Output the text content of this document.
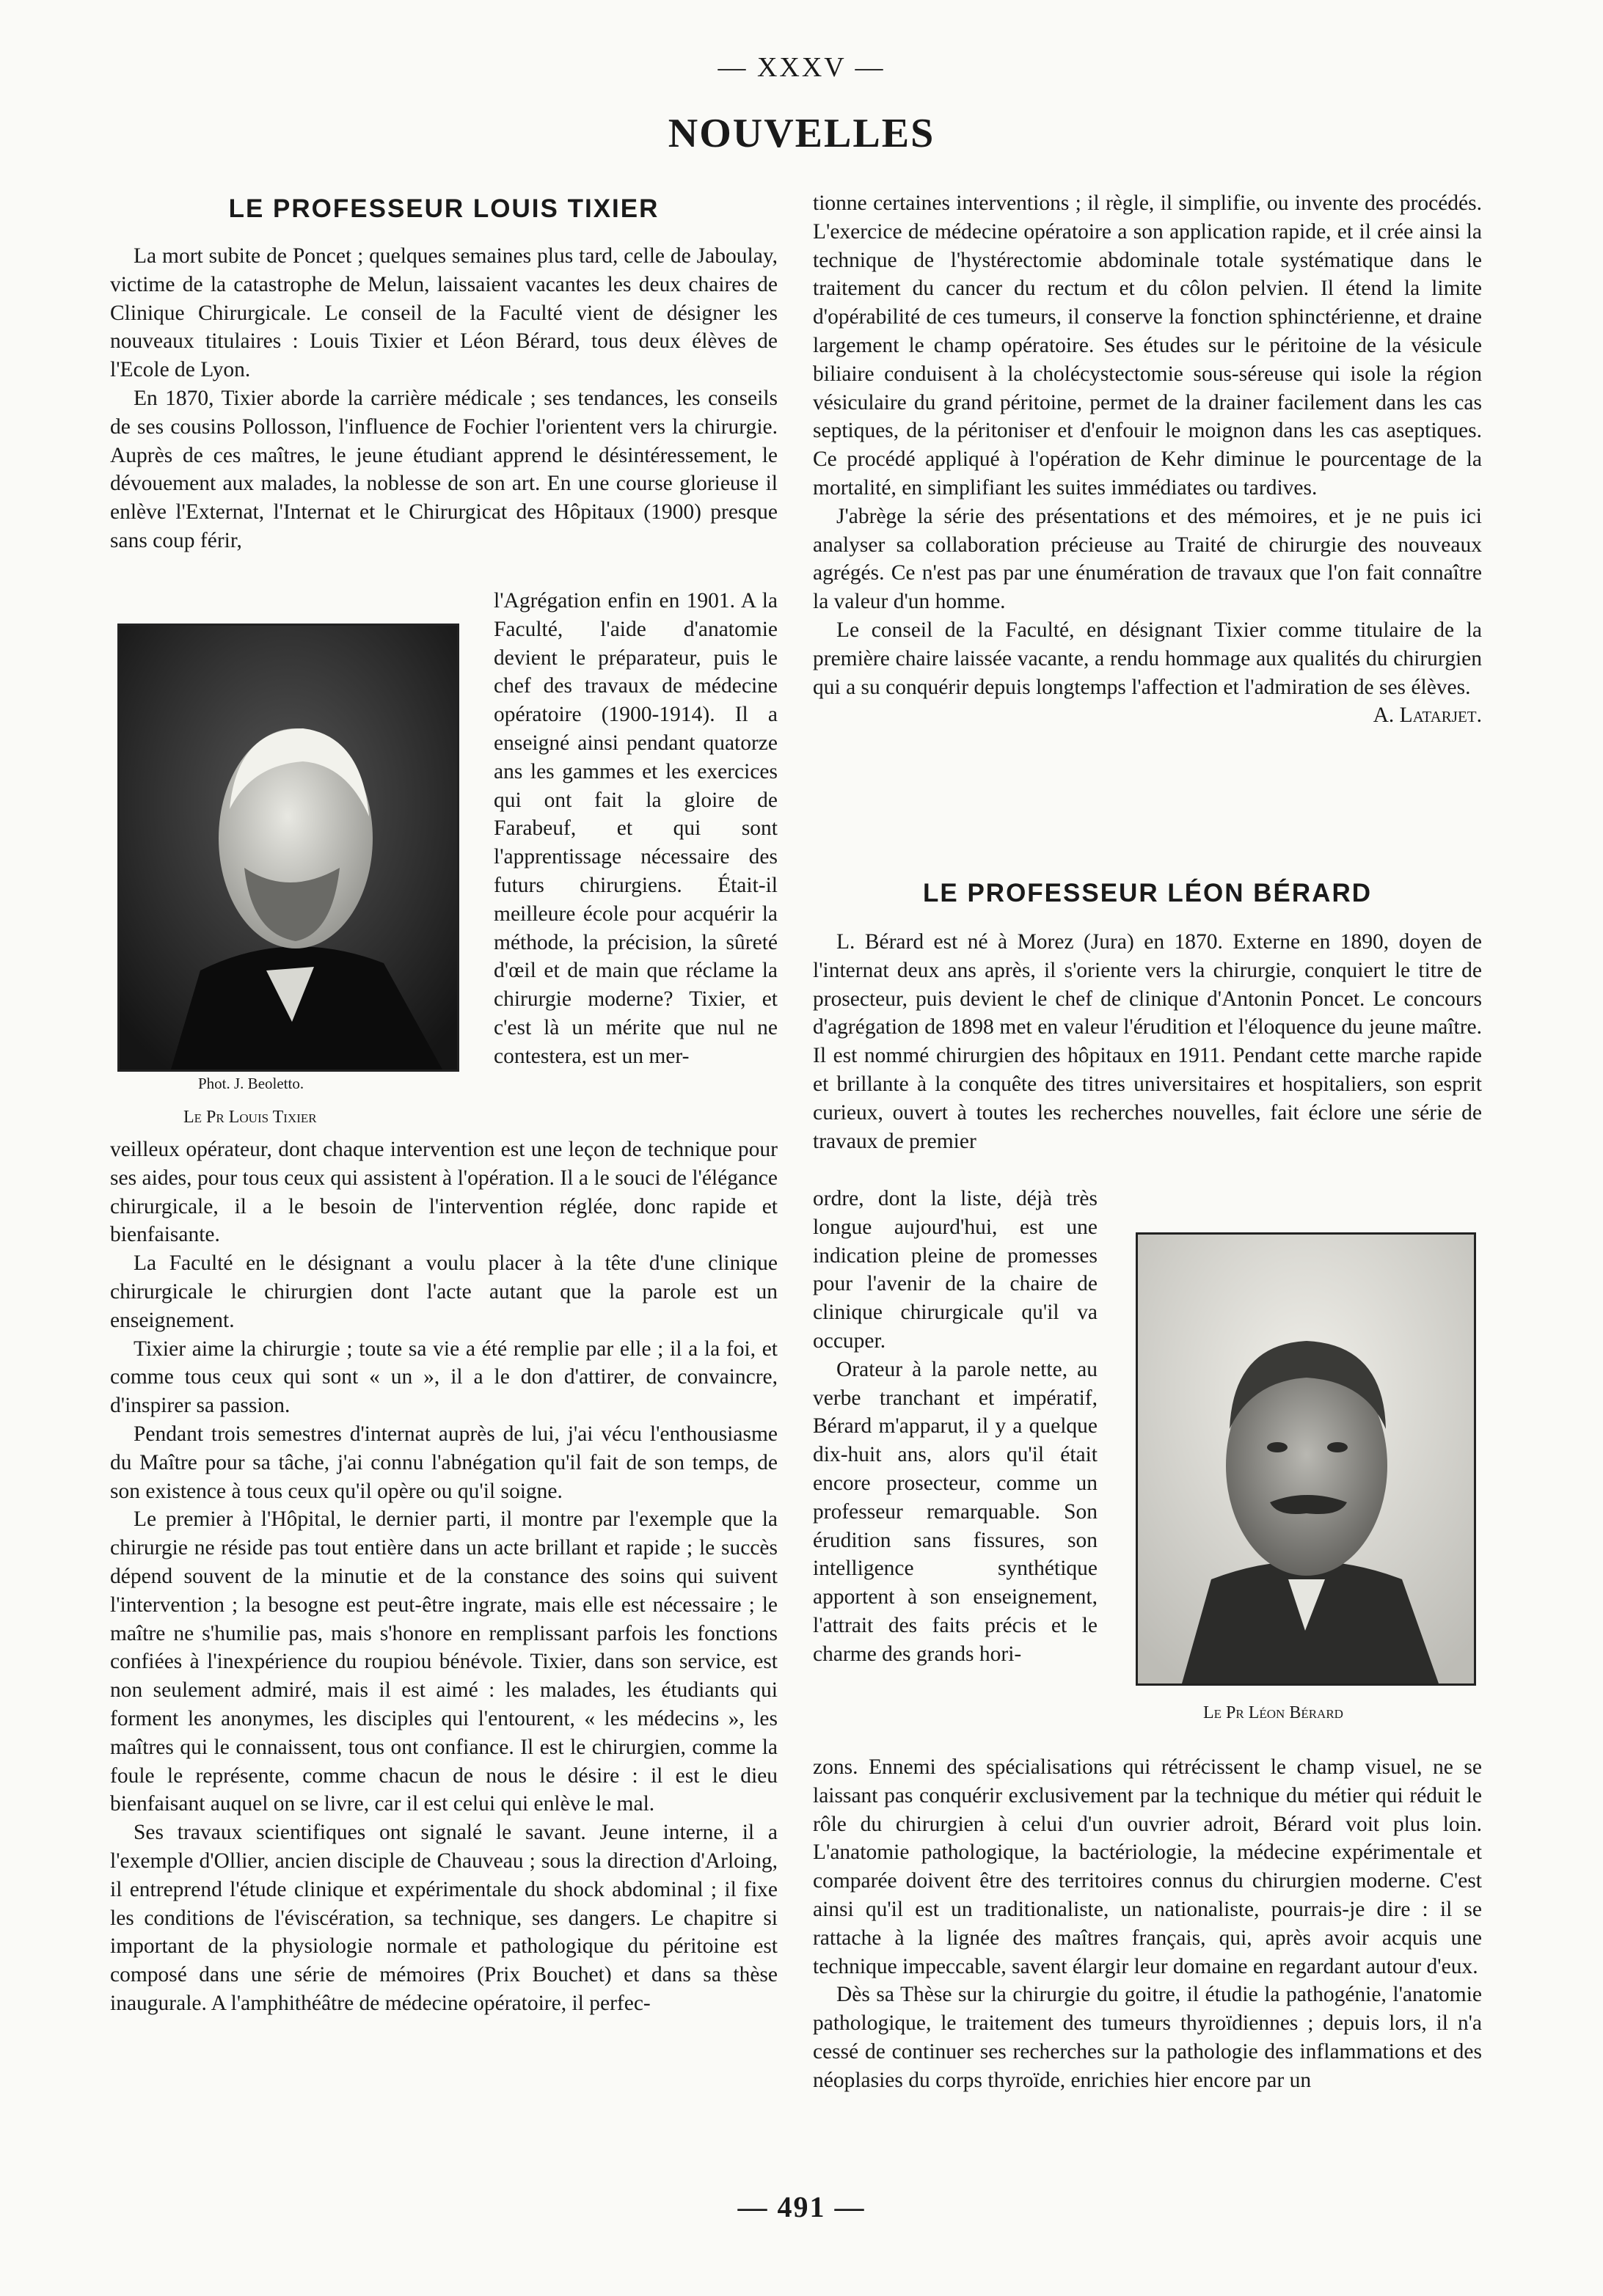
— XXXV —
NOUVELLES
LE PROFESSEUR LOUIS TIXIER

La mort subite de Poncet ; quelques semaines plus tard, celle de Jaboulay, victime de la catastrophe de Melun, laissaient vacantes les deux chaires de Clinique Chirurgicale. Le conseil de la Faculté vient de désigner les nouveaux titulaires : Louis Tixier et Léon Bérard, tous deux élèves de l'Ecole de Lyon.

En 1870, Tixier aborde la carrière médicale ; ses tendances, les conseils de ses cousins Pollosson, l'influence de Fochier l'orientent vers la chirurgie. Auprès de ces maîtres, le jeune étudiant apprend le désintéressement, le dévouement aux malades, la noblesse de son art. En une course glorieuse il enlève l'Externat, l'Internat et le Chirurgicat des Hôpitaux (1900) presque sans coup férir,

Phot. J. Beoletto.
Le Pr Louis Tixier

l'Agrégation enfin en 1901. A la Faculté, l'aide d'anatomie devient le préparateur, puis le chef des travaux de médecine opératoire (1900-1914). Il a enseigné ainsi pendant quatorze ans les gammes et les exercices qui ont fait la gloire de Farabeuf, et qui sont l'apprentissage nécessaire des futurs chirurgiens. Était-il meilleure école pour acquérir la méthode, la précision, la sûreté d'œil et de main que réclame la chirurgie moderne? Tixier, et c'est là un mérite que nul ne contestera, est un mer-

veilleux opérateur, dont chaque intervention est une leçon de technique pour ses aides, pour tous ceux qui assistent à l'opération. Il a le souci de l'élégance chirurgicale, il a le besoin de l'intervention réglée, donc rapide et bienfaisante.

La Faculté en le désignant a voulu placer à la tête d'une clinique chirurgicale le chirurgien dont l'acte autant que la parole est un enseignement.

Tixier aime la chirurgie ; toute sa vie a été remplie par elle ; il a la foi, et comme tous ceux qui sont « un », il a le don d'attirer, de convaincre, d'inspirer sa passion.

Pendant trois semestres d'internat auprès de lui, j'ai vécu l'enthousiasme du Maître pour sa tâche, j'ai connu l'abnégation qu'il fait de son temps, de son existence à tous ceux qu'il opère ou qu'il soigne.

Le premier à l'Hôpital, le dernier parti, il montre par l'exemple que la chirurgie ne réside pas tout entière dans un acte brillant et rapide ; le succès dépend souvent de la minutie et de la constance des soins qui suivent l'intervention ; la besogne est peut-être ingrate, mais elle est nécessaire ; le maître ne s'humilie pas, mais s'honore en remplissant parfois les fonctions confiées à l'inexpérience du roupiou bénévole. Tixier, dans son service, est non seulement admiré, mais il est aimé : les malades, les étudiants qui forment les anonymes, les disciples qui l'entourent, « les médecins », les maîtres qui le connaissent, tous ont confiance. Il est le chirurgien, comme la foule le représente, comme chacun de nous le désire : il est le dieu bienfaisant auquel on se livre, car il est celui qui enlève le mal.

Ses travaux scientifiques ont signalé le savant. Jeune interne, il a l'exemple d'Ollier, ancien disciple de Chauveau ; sous la direction d'Arloing, il entreprend l'étude clinique et expérimentale du shock abdominal ; il fixe les conditions de l'éviscération, sa technique, ses dangers. Le chapitre si important de la physiologie normale et pathologique du péritoine est composé dans une série de mémoires (Prix Bouchet) et dans sa thèse inaugurale. A l'amphithéâtre de médecine opératoire, il perfec-

tionne certaines interventions ; il règle, il simplifie, ou invente des procédés. L'exercice de médecine opératoire a son application rapide, et il crée ainsi la technique de l'hystérectomie abdominale totale systématique dans le traitement du cancer du rectum et du côlon pelvien. Il étend la limite d'opérabilité de ces tumeurs, il conserve la fonction sphinctérienne, et draine largement le champ opératoire. Ses études sur le péritoine de la vésicule biliaire conduisent à la cholécystectomie sous-séreuse qui isole la région vésiculaire du grand péritoine, permet de la drainer facilement dans les cas septiques, de la péritoniser et d'enfouir le moignon dans les cas aseptiques. Ce procédé appliqué à l'opération de Kehr diminue le pourcentage de la mortalité, en simplifiant les suites immédiates ou tardives.

J'abrège la série des présentations et des mémoires, et je ne puis ici analyser sa collaboration précieuse au Traité de chirurgie des nouveaux agrégés. Ce n'est pas par une énumération de travaux que l'on fait connaître la valeur d'un homme.

Le conseil de la Faculté, en désignant Tixier comme titulaire de la première chaire laissée vacante, a rendu hommage aux qualités du chirurgien qui a su conquérir depuis longtemps l'affection et l'admiration de ses élèves.

A. Latarjet.

LE PROFESSEUR LÉON BÉRARD

L. Bérard est né à Morez (Jura) en 1870. Externe en 1890, doyen de l'internat deux ans après, il s'oriente vers la chirurgie, conquiert le titre de prosecteur, puis devient le chef de clinique d'Antonin Poncet. Le concours d'agrégation de 1898 met en valeur l'érudition et l'éloquence du jeune maître. Il est nommé chirurgien des hôpitaux en 1911. Pendant cette marche rapide et brillante à la conquête des titres universitaires et hospitaliers, son esprit curieux, ouvert à toutes les recherches nouvelles, fait éclore une série de travaux de premier

ordre, dont la liste, déjà très longue aujourd'hui, est une indication pleine de promesses pour l'avenir de la chaire de clinique chirurgicale qu'il va occuper.

Orateur à la parole nette, au verbe tranchant et impératif, Bérard m'apparut, il y a quelque dix-huit ans, alors qu'il était encore prosecteur, comme un professeur remarquable. Son érudition sans fissures, son intelligence synthétique apportent à son enseignement, l'attrait des faits précis et le charme des grands hori-

Le Pr Léon Bérard

zons. Ennemi des spécialisations qui rétrécissent le champ visuel, ne se laissant pas conquérir exclusivement par la technique du métier qui réduit le rôle du chirurgien à celui d'un ouvrier adroit, Bérard voit plus loin. L'anatomie pathologique, la bactériologie, la médecine expérimentale et comparée doivent être des territoires connus du chirurgien moderne. C'est ainsi qu'il est un traditionaliste, un nationaliste, pourrais-je dire : il se rattache à la lignée des maîtres français, qui, après avoir acquis une technique impeccable, savent élargir leur domaine en regardant autour d'eux.

Dès sa Thèse sur la chirurgie du goitre, il étudie la pathogénie, l'anatomie pathologique, le traitement des tumeurs thyroïdiennes ; depuis lors, il n'a cessé de continuer ses recherches sur la pathologie des inflammations et des néoplasies du corps thyroïde, enrichies hier encore par un

— 491 —
